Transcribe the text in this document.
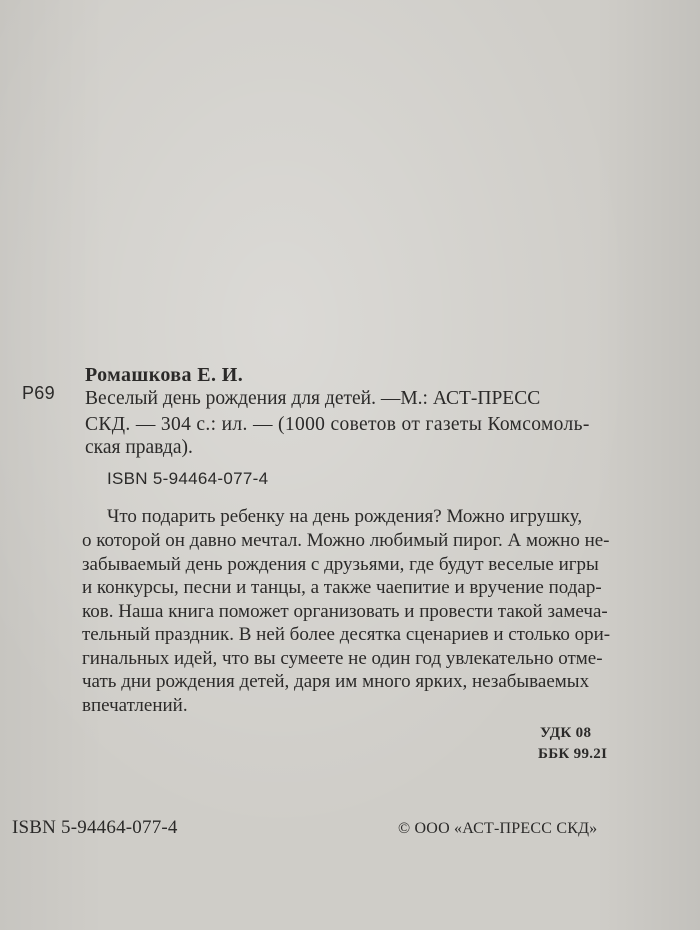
Р69
Ромашкова Е. И.
Веселый день рождения для детей. —М.: АСТ-ПРЕСС
СКД. — 304 с.: ил. — (1000 советов от газеты Комсомоль-
ская правда).
ISBN 5-94464-077-4
Что подарить ребенку на день рождения? Можно игрушку,
о которой он давно мечтал. Можно любимый пирог. А можно не-
забываемый день рождения с друзьями, где будут веселые игры
и конкурсы, песни и танцы, а также чаепитие и вручение подар-
ков. Наша книга поможет организовать и провести такой замеча-
тельный праздник. В ней более десятка сценариев и столько ори-
гинальных идей, что вы сумеете не один год увлекательно отме-
чать дни рождения детей, даря им много ярких, незабываемых
впечатлений.
УДК 08
ББК 99.2I
ISBN 5-94464-077-4	© ООО «АСТ-ПРЕСС СКД»
